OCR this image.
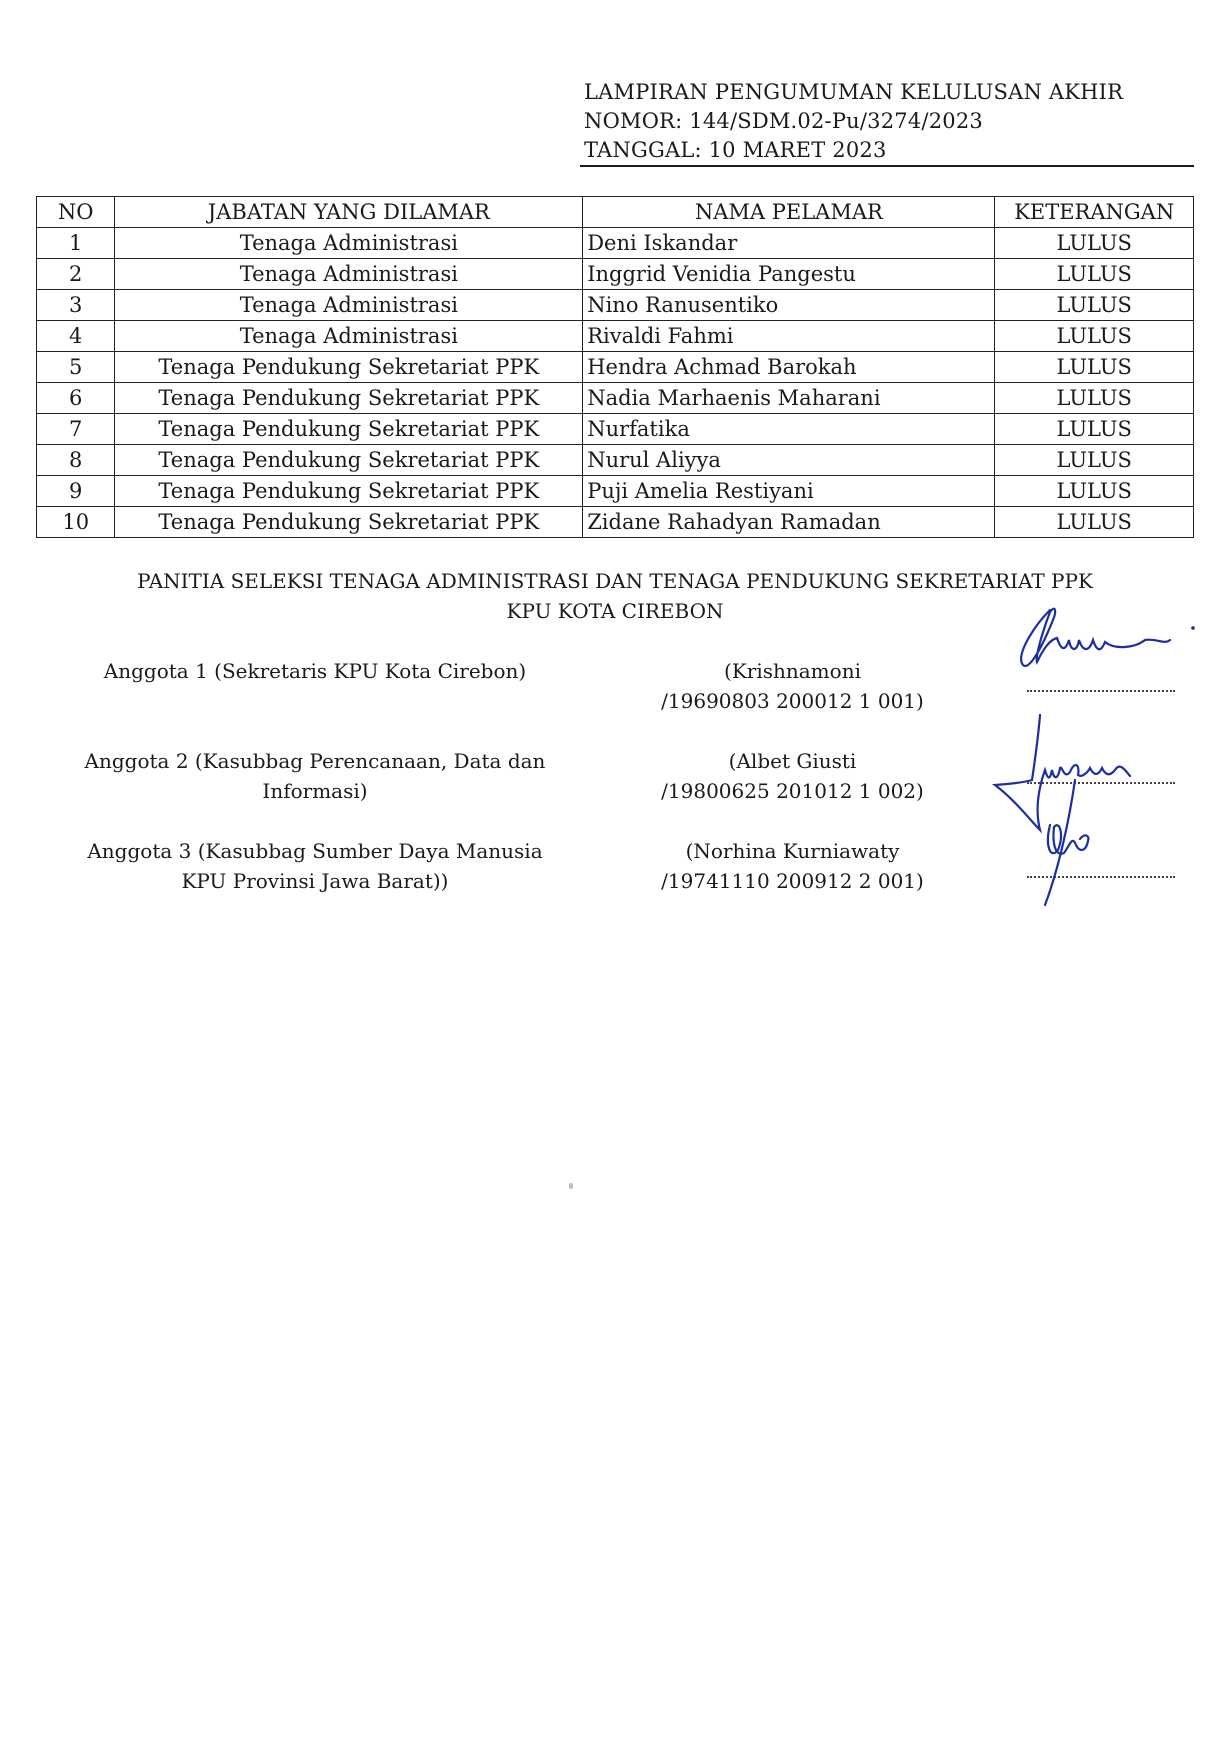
LAMPIRAN PENGUMUMAN KELULUSAN AKHIR
NOMOR: 144/SDM.02-Pu/3274/2023
TANGGAL: 10 MARET 2023
NO	JABATAN YANG DILAMAR	NAMA PELAMAR	KETERANGAN
1	Tenaga Administrasi	Deni Iskandar	LULUS
2	Tenaga Administrasi	Inggrid Venidia Pangestu	LULUS
3	Tenaga Administrasi	Nino Ranusentiko	LULUS
4	Tenaga Administrasi	Rivaldi Fahmi	LULUS
5	Tenaga Pendukung Sekretariat PPK	Hendra Achmad Barokah	LULUS
6	Tenaga Pendukung Sekretariat PPK	Nadia Marhaenis Maharani	LULUS
7	Tenaga Pendukung Sekretariat PPK	Nurfatika	LULUS
8	Tenaga Pendukung Sekretariat PPK	Nurul Aliyya	LULUS
9	Tenaga Pendukung Sekretariat PPK	Puji Amelia Restiyani	LULUS
10	Tenaga Pendukung Sekretariat PPK	Zidane Rahadyan Ramadan	LULUS
PANITIA SELEKSI TENAGA ADMINISTRASI DAN TENAGA PENDUKUNG SEKRETARIAT PPK
KPU KOTA CIREBON
Anggota 1 (Sekretaris KPU Kota Cirebon)	(Krishnamoni
/19690803 200012 1 001)
Anggota 2 (Kasubbag Perencanaan, Data dan
Informasi)
(Albet Giusti
/19800625 201012 1 002)
Anggota 3 (Kasubbag Sumber Daya Manusia
KPU Provinsi Jawa Barat))
(Norhina Kurniawaty
/19741110 200912 2 001)
